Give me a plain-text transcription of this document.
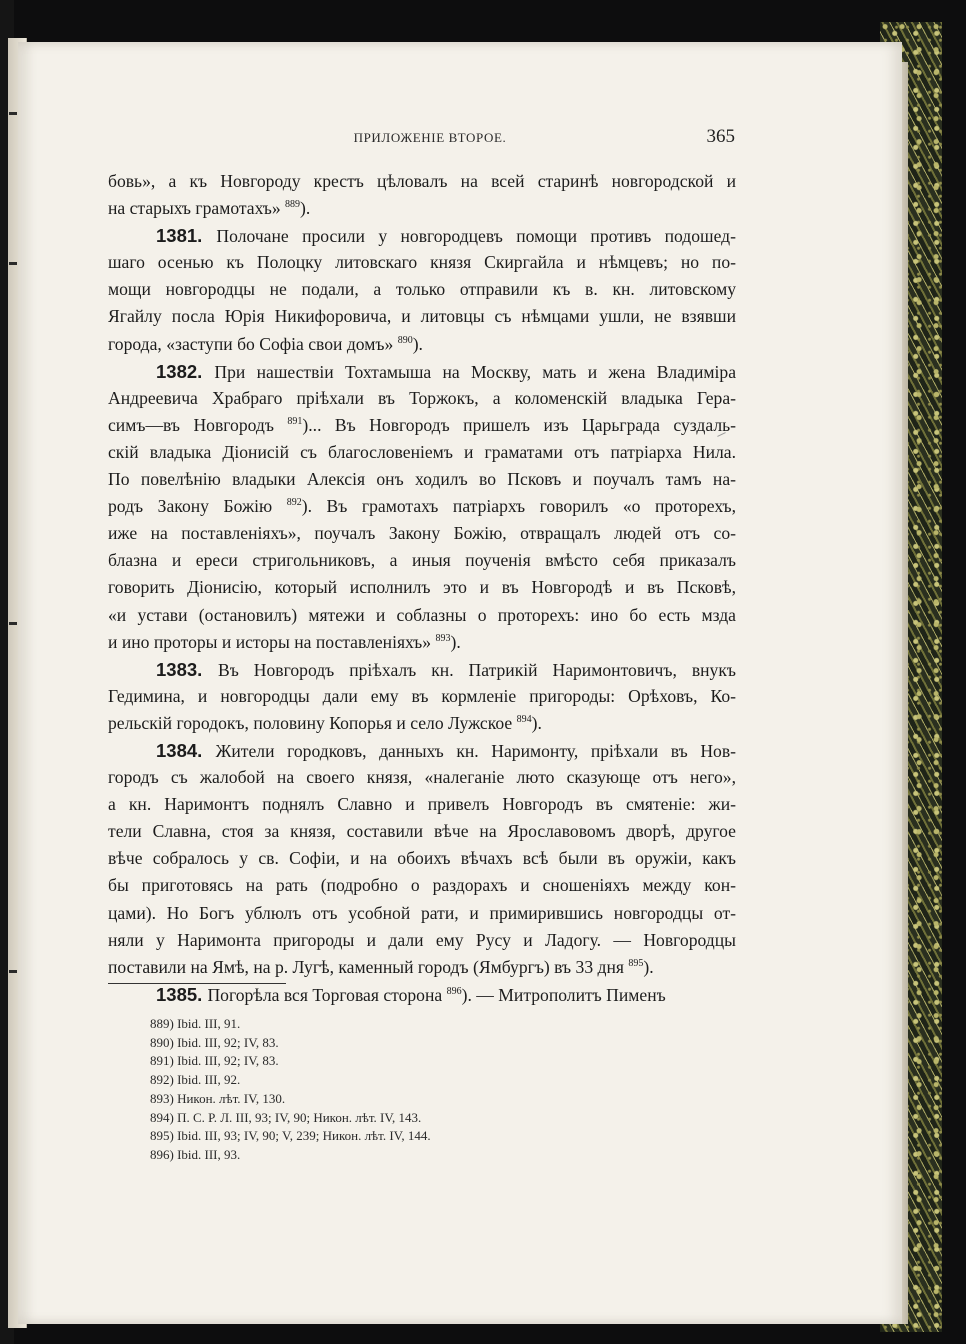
ПРИЛОЖЕНІЕ ВТОРОЕ.	365
бовь», а къ Новгороду крестъ цѣловалъ на всей старинѣ новгородской и
на старыхъ грамотахъ» $^{889}$).
1381. Полочане просили у новгородцевъ помощи противъ подошед-
шаго осенью къ Полоцку литовскаго князя Скиргайла и нѣмцевъ; но по-
мощи новгородцы не подали, а только отправили къ в. кн. литовскому
Ягайлу посла Юрія Никифоровича, и литовцы съ нѣмцами ушли, не взявши
города, «заступи бо Софіа свои домъ» $^{890}$).
1382. При нашествіи Тохтамыша на Москву, мать и жена Владиміра
Андреевича Храбраго пріѣхали въ Торжокъ, а коломенскій владыка Гера-
симъ—въ Новгородъ $^{891}$)... Въ Новгородъ пришелъ изъ Царьграда суздаль-
скій владыка Діонисій съ благословеніемъ и граматами отъ патріарха Нила.
По повелѣнію владыки Алексія онъ ходилъ во Псковъ и поучалъ тамъ на-
родъ Закону Божію $^{892}$). Въ грамотахъ патріархъ говорилъ «о проторехъ,
иже на поставленіяхъ», поучалъ Закону Божію, отвращалъ людей отъ со-
блазна и ереси стригольниковъ, а иныя поученія вмѣсто себя приказалъ
говорить Діонисію, который исполнилъ это и въ Новгородѣ и въ Псковѣ,
«и устави (остановилъ) мятежи и соблазны о проторехъ: ино бо есть мзда
и ино проторы и исторы на поставленіяхъ» $^{893}$).
1383. Въ Новгородъ пріѣхалъ кн. Патрикій Наримонтовичъ, внукъ
Гедимина, и новгородцы дали ему въ кормленіе пригороды: Орѣховъ, Ко-
рельскій городокъ, половину Копорья и село Лужское $^{894}$).
1384. Жители городковъ, данныхъ кн. Наримонту, пріѣхали въ Нов-
городъ съ жалобой на своего князя, «налеганіе люто сказующе отъ него»,
а кн. Наримонтъ поднялъ Славно и привелъ Новгородъ въ смятеніе: жи-
тели Славна, стоя за князя, составили вѣче на Ярославовомъ дворѣ, другое
вѣче собралось у св. Софіи, и на обоихъ вѣчахъ всѣ были въ оружіи, какъ
бы приготовясь на рать (подробно о раздорахъ и сношеніяхъ между кон-
цами). Но Богъ ублюлъ отъ усобной рати, и примирившись новгородцы от-
няли у Наримонта пригороды и дали ему Русу и Ладогу. — Новгородцы
поставили на Ямѣ, на р. Лугѣ, каменный городъ (Ямбургъ) въ 33 дня $^{895}$).
1385. Погорѣла вся Торговая сторона $^{896}$). — Митрополитъ Пименъ
889) Ibid. III, 91.
890) Ibid. III, 92; IV, 83.
891) Ibid. III, 92; IV, 83.
892) Ibid. III, 92.
893) Никон. лѣт. IV, 130.
894) П. С. Р. Л. III, 93; IV, 90; Никон. лѣт. IV, 143.
895) Ibid. III, 93; IV, 90; V, 239; Никон. лѣт. IV, 144.
896) Ibid. III, 93.
